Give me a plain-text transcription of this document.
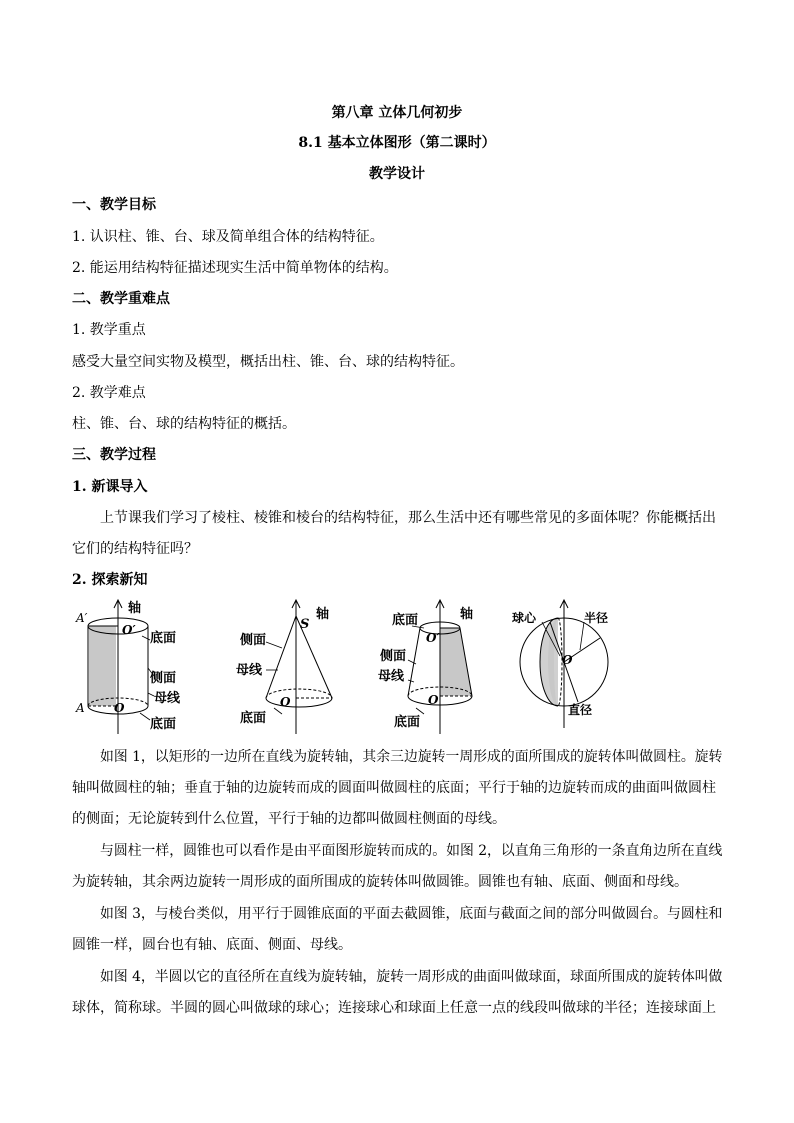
第八章 立体几何初步
8.1 基本立体图形（第二课时）
教学设计
一、教学目标
1. 认识柱、锥、台、球及简单组合体的结构特征。
2. 能运用结构特征描述现实生活中简单物体的结构。
二、教学重难点
1. 教学重点
感受大量空间实物及模型，概括出柱、锥、台、球的结构特征。
2. 教学难点
柱、锥、台、球的结构特征的概括。
三、教学过程
1. 新课导入
上节课我们学习了棱柱、棱锥和棱台的结构特征，那么生活中还有哪些常见的多面体呢？你能概括出
它们的结构特征吗？
2. 探索新知
轴
底面
A′
O′
侧面
母线
A O
底面
轴
S
侧面
母线
O
底面
轴
底面
O′
侧面
母线
O
底面
球心	半径
O
直径
如图 1，以矩形的一边所在直线为旋转轴，其余三边旋转一周形成的面所围成的旋转体叫做圆柱。旋转
轴叫做圆柱的轴；垂直于轴的边旋转而成的圆面叫做圆柱的底面；平行于轴的边旋转而成的曲面叫做圆柱
的侧面；无论旋转到什么位置，平行于轴的边都叫做圆柱侧面的母线。
与圆柱一样，圆锥也可以看作是由平面图形旋转而成的。如图 2，以直角三角形的一条直角边所在直线
为旋转轴，其余两边旋转一周形成的面所围成的旋转体叫做圆锥。圆锥也有轴、底面、侧面和母线。
如图 3，与棱台类似，用平行于圆锥底面的平面去截圆锥，底面与截面之间的部分叫做圆台。与圆柱和
圆锥一样，圆台也有轴、底面、侧面、母线。
如图 4，半圆以它的直径所在直线为旋转轴，旋转一周形成的曲面叫做球面，球面所围成的旋转体叫做
球体，简称球。半圆的圆心叫做球的球心；连接球心和球面上任意一点的线段叫做球的半径；连接球面上
